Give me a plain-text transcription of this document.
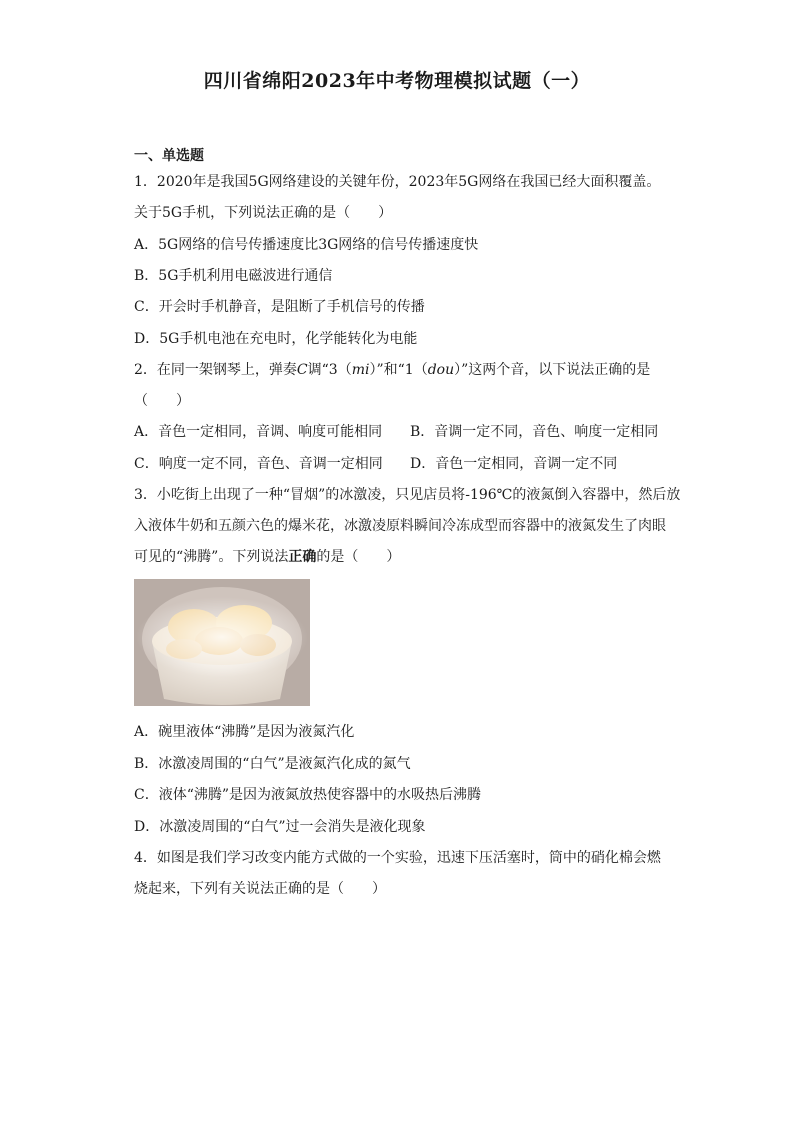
四川省绵阳2023年中考物理模拟试题（一）
一、单选题
1．2020年是我国5G网络建设的关键年份，2023年5G网络在我国已经大面积覆盖。
关于5G手机，下列说法正确的是（　　）
A．5G网络的信号传播速度比3G网络的信号传播速度快
B．5G手机利用电磁波进行通信
C．开会时手机静音，是阻断了手机信号的传播
D．5G手机电池在充电时，化学能转化为电能
2．在同一架钢琴上，弹奏C调“3（mi）”和“1（dou）”这两个音，以下说法正确的是
（　　）
A．音色一定相同，音调、响度可能相同 B．音调一定不同，音色、响度一定相同
C．响度一定不同，音色、音调一定相同 D．音色一定相同，音调一定不同
3．小吃街上出现了一种“冒烟”的冰激凌，只见店员将-196℃的液氮倒入容器中，然后放
入液体牛奶和五颜六色的爆米花，冰激凌原料瞬间冷冻成型而容器中的液氮发生了肉眼
可见的“沸腾”。下列说法正确的是（　　）
A．碗里液体“沸腾”是因为液氮汽化
B．冰激凌周围的“白气”是液氮汽化成的氮气
C．液体“沸腾”是因为液氮放热使容器中的水吸热后沸腾
D．冰激凌周围的“白气”过一会消失是液化现象
4．如图是我们学习改变内能方式做的一个实验，迅速下压活塞时，筒中的硝化棉会燃
烧起来，下列有关说法正确的是（　　）
